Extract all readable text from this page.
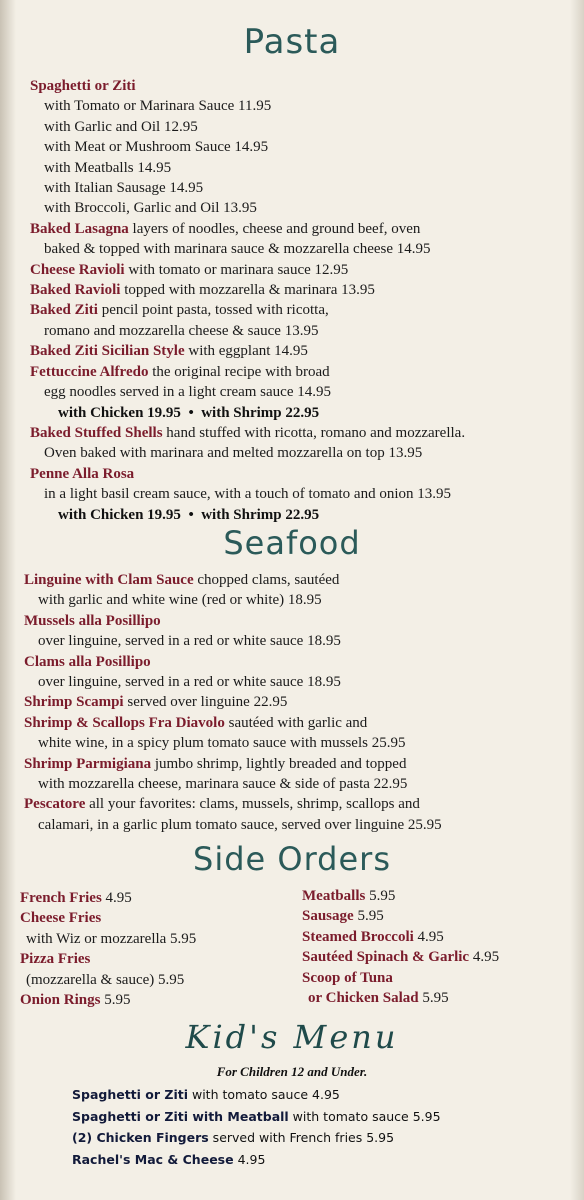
Pasta
Spaghetti or Ziti
with Tomato or Marinara Sauce 11.95
with Garlic and Oil 12.95
with Meat or Mushroom Sauce 14.95
with Meatballs 14.95
with Italian Sausage 14.95
with Broccoli, Garlic and Oil 13.95
Baked Lasagna layers of noodles, cheese and ground beef, oven
baked & topped with marinara sauce & mozzarella cheese 14.95
Cheese Ravioli with tomato or marinara sauce 12.95
Baked Ravioli topped with mozzarella & marinara 13.95
Baked Ziti pencil point pasta, tossed with ricotta,
romano and mozzarella cheese & sauce 13.95
Baked Ziti Sicilian Style with eggplant 14.95
Fettuccine Alfredo the original recipe with broad
egg noodles served in a light cream sauce 14.95
with Chicken 19.95 • with Shrimp 22.95
Baked Stuffed Shells hand stuffed with ricotta, romano and mozzarella.
Oven baked with marinara and melted mozzarella on top 13.95
Penne Alla Rosa
in a light basil cream sauce, with a touch of tomato and onion 13.95
with Chicken 19.95 • with Shrimp 22.95
Seafood
Linguine with Clam Sauce chopped clams, sautéed
with garlic and white wine (red or white) 18.95
Mussels alla Posillipo
over linguine, served in a red or white sauce 18.95
Clams alla Posillipo
over linguine, served in a red or white sauce 18.95
Shrimp Scampi served over linguine 22.95
Shrimp & Scallops Fra Diavolo sautéed with garlic and
white wine, in a spicy plum tomato sauce with mussels 25.95
Shrimp Parmigiana jumbo shrimp, lightly breaded and topped
with mozzarella cheese, marinara sauce & side of pasta 22.95
Pescatore all your favorites: clams, mussels, shrimp, scallops and
calamari, in a garlic plum tomato sauce, served over linguine 25.95
Side Orders
French Fries 4.95
Cheese Fries
with Wiz or mozzarella 5.95
Pizza Fries
(mozzarella & sauce) 5.95
Onion Rings 5.95
Meatballs 5.95
Sausage 5.95
Steamed Broccoli 4.95
Sautéed Spinach & Garlic 4.95
Scoop of Tuna
or Chicken Salad 5.95
Kid's Menu
For Children 12 and Under.
Spaghetti or Ziti with tomato sauce 4.95
Spaghetti or Ziti with Meatball with tomato sauce 5.95
(2) Chicken Fingers served with French fries 5.95
Rachel's Mac & Cheese 4.95
